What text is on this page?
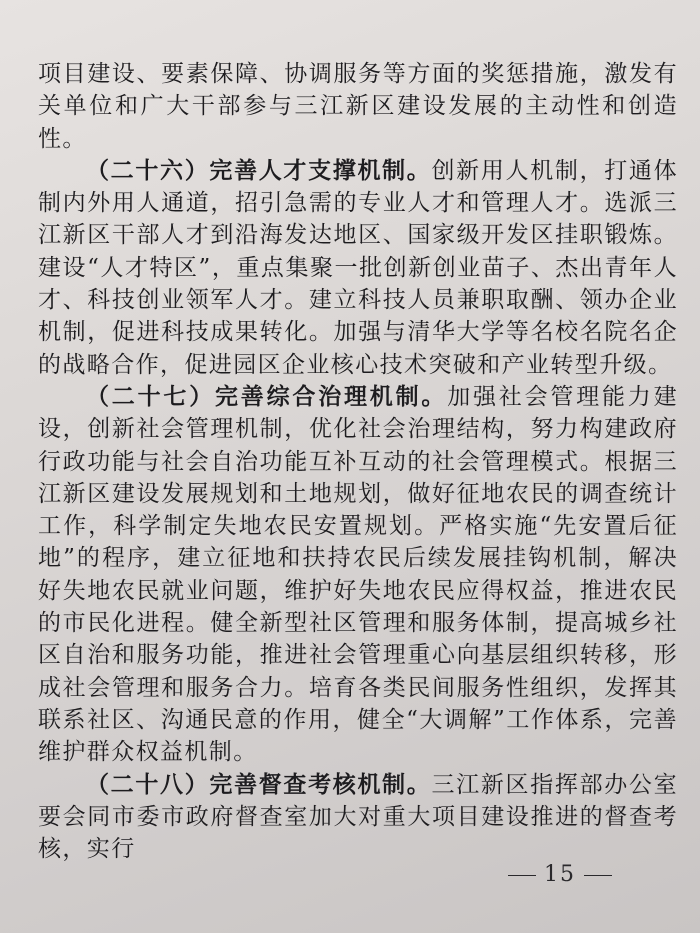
项目建设、要素保障、协调服务等方面的奖惩措施，激发有关单位和广大干部参与三江新区建设发展的主动性和创造性。

（二十六）完善人才支撑机制。创新用人机制，打通体制内外用人通道，招引急需的专业人才和管理人才。选派三江新区干部人才到沿海发达地区、国家级开发区挂职锻炼。建设“人才特区”，重点集聚一批创新创业苗子、杰出青年人才、科技创业领军人才。建立科技人员兼职取酬、领办企业机制，促进科技成果转化。加强与清华大学等名校名院名企的战略合作，促进园区企业核心技术突破和产业转型升级。

（二十七）完善综合治理机制。加强社会管理能力建设，创新社会管理机制，优化社会治理结构，努力构建政府行政功能与社会自治功能互补互动的社会管理模式。根据三江新区建设发展规划和土地规划，做好征地农民的调查统计工作，科学制定失地农民安置规划。严格实施“先安置后征地”的程序，建立征地和扶持农民后续发展挂钩机制，解决好失地农民就业问题，维护好失地农民应得权益，推进农民的市民化进程。健全新型社区管理和服务体制，提高城乡社区自治和服务功能，推进社会管理重心向基层组织转移，形成社会管理和服务合力。培育各类民间服务性组织，发挥其联系社区、沟通民意的作用，健全“大调解”工作体系，完善维护群众权益机制。

（二十八）完善督查考核机制。三江新区指挥部办公室要会同市委市政府督查室加大对重大项目建设推进的督查考核，实行

15
